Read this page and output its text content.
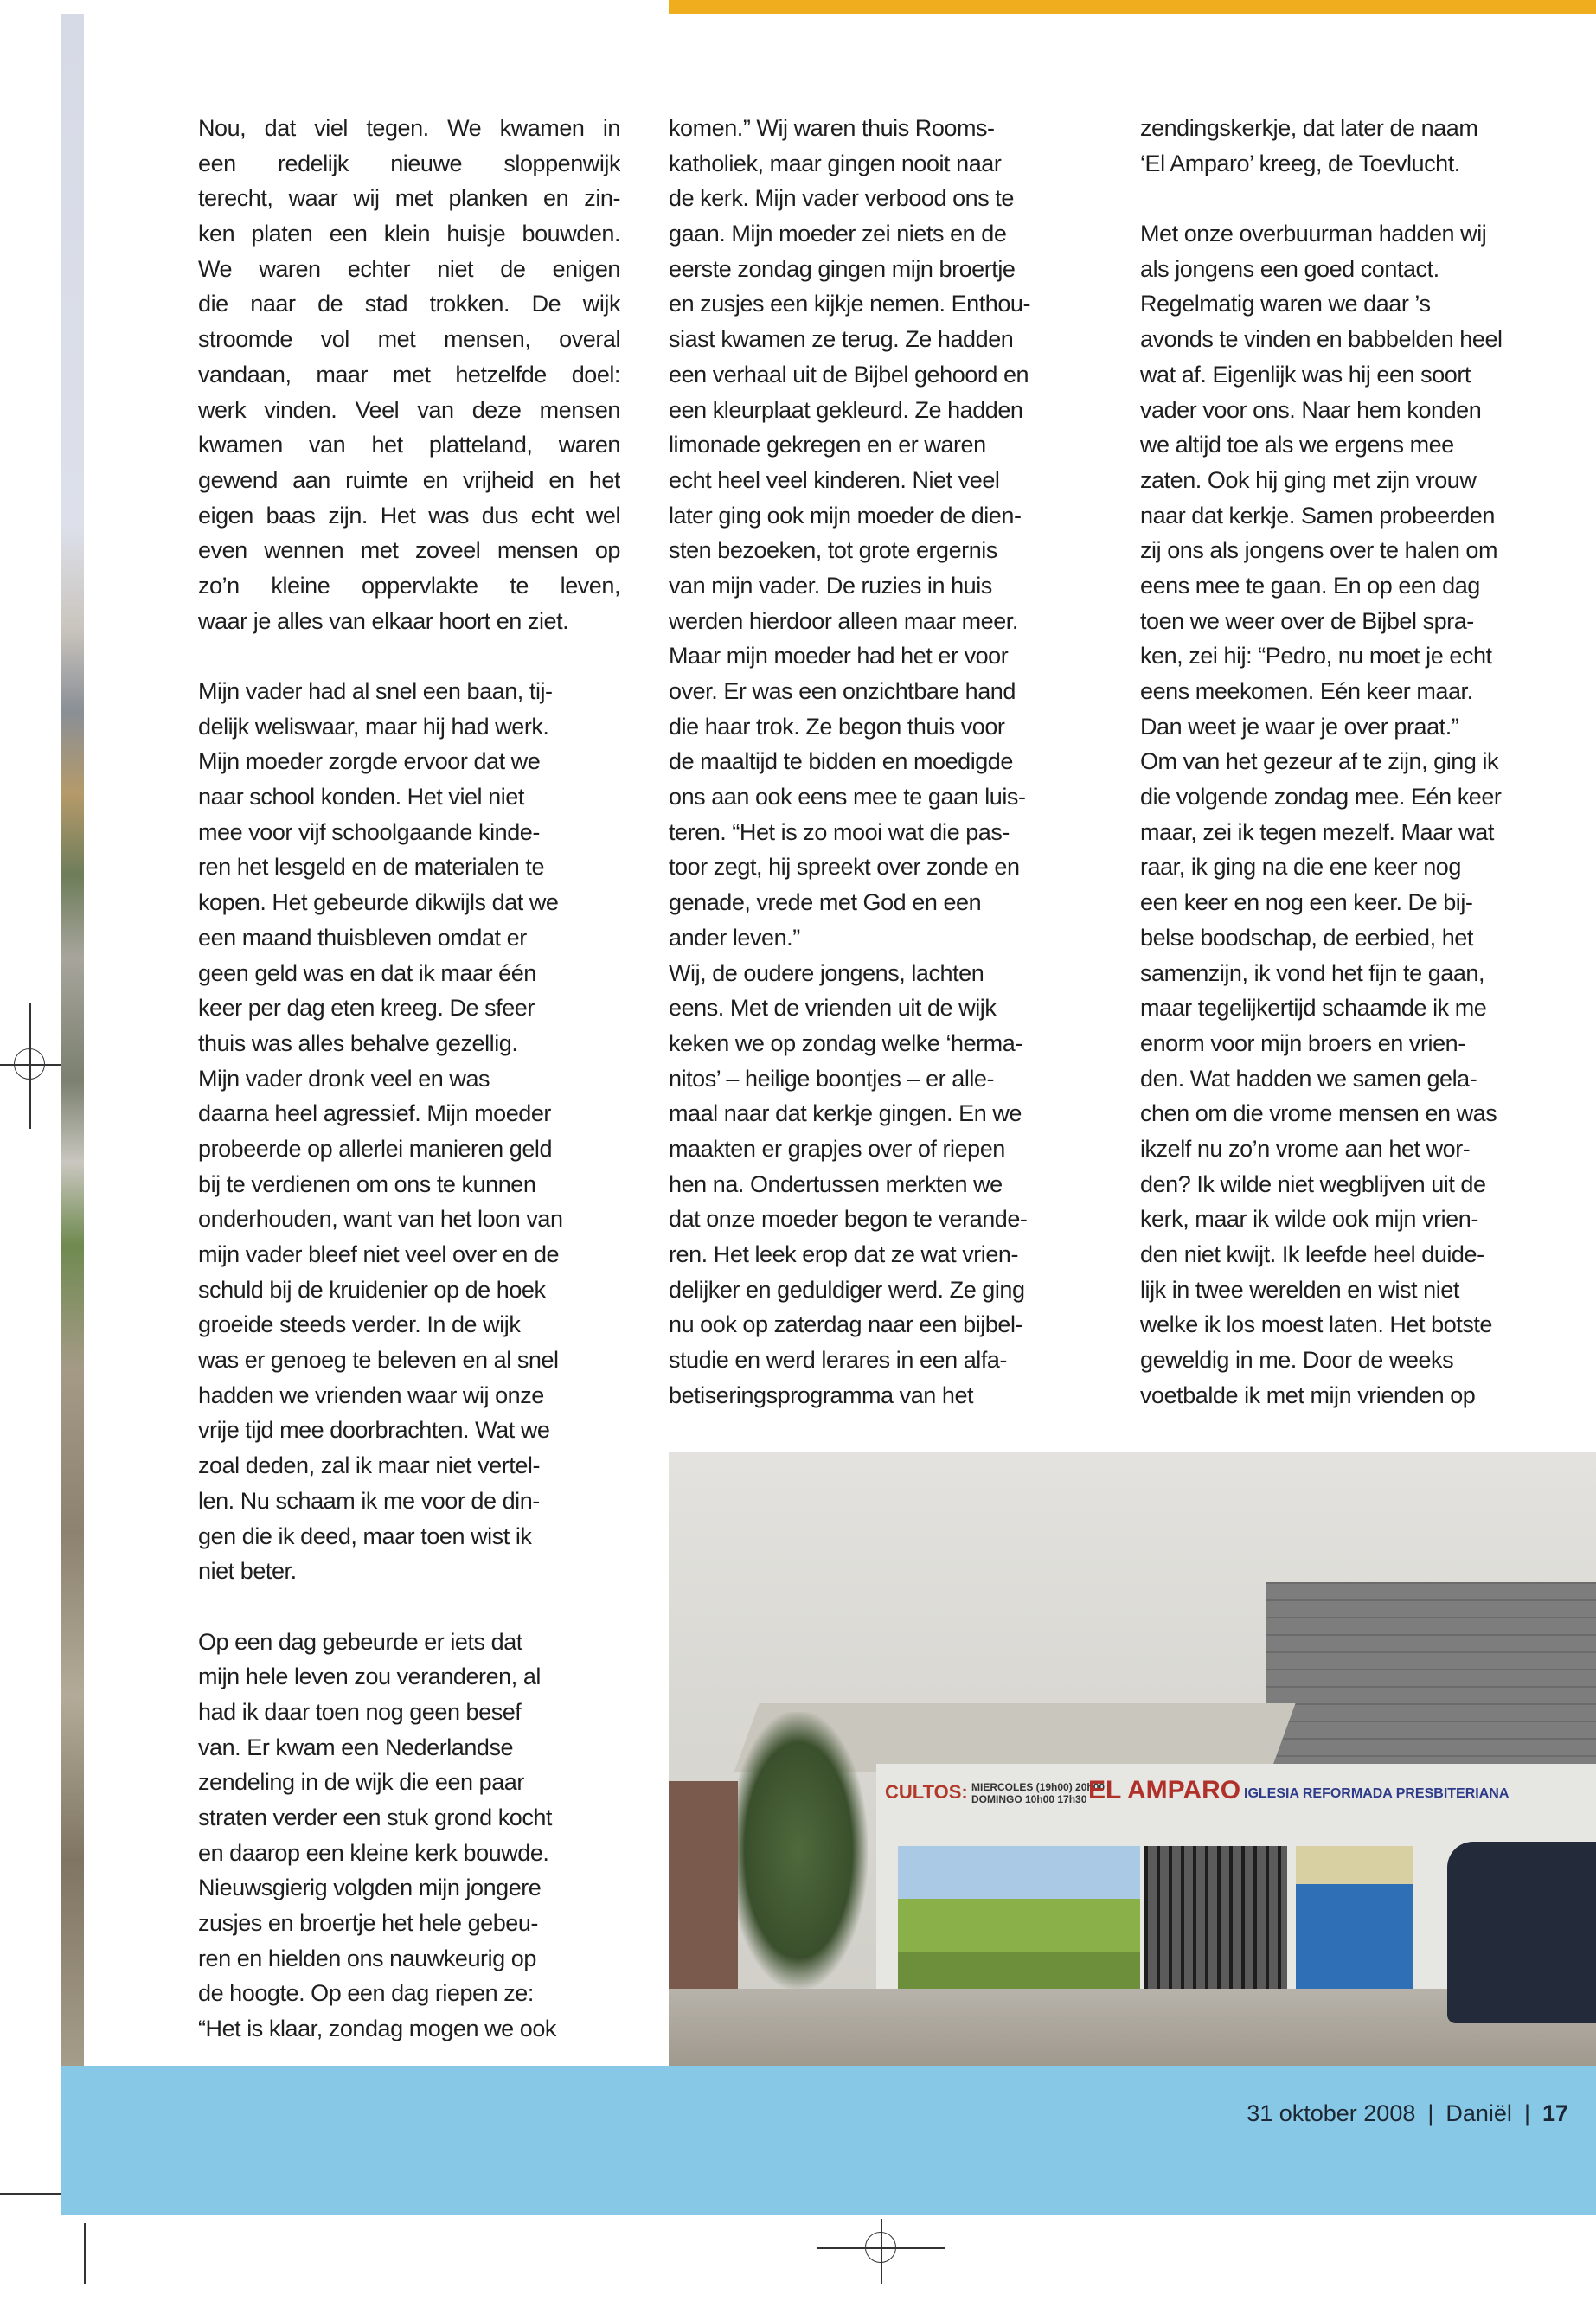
Nou, dat viel tegen. We kwamen in
een redelijk nieuwe sloppenwijk
terecht, waar wij met planken en zin-
ken platen een klein huisje bouwden.
We waren echter niet de enigen
die naar de stad trokken. De wijk
stroomde vol met mensen, overal
vandaan, maar met hetzelfde doel:
werk vinden. Veel van deze mensen
kwamen van het platteland, waren
gewend aan ruimte en vrijheid en het
eigen baas zijn. Het was dus echt wel
even wennen met zoveel mensen op
zo’n kleine oppervlakte te leven,
waar je alles van elkaar hoort en ziet.
Mijn vader had al snel een baan, tij-
delijk weliswaar, maar hij had werk.
Mijn moeder zorgde ervoor dat we
naar school konden. Het viel niet
mee voor vijf schoolgaande kinde-
ren het lesgeld en de materialen te
kopen. Het gebeurde dikwijls dat we
een maand thuisbleven omdat er
geen geld was en dat ik maar één
keer per dag eten kreeg. De sfeer
thuis was alles behalve gezellig.
Mijn vader dronk veel en was
daarna heel agressief. Mijn moeder
probeerde op allerlei manieren geld
bij te verdienen om ons te kunnen
onderhouden, want van het loon van
mijn vader bleef niet veel over en de
schuld bij de kruidenier op de hoek
groeide steeds verder. In de wijk
was er genoeg te beleven en al snel
hadden we vrienden waar wij onze
vrije tijd mee doorbrachten. Wat we
zoal deden, zal ik maar niet vertel-
len. Nu schaam ik me voor de din-
gen die ik deed, maar toen wist ik
niet beter.
Op een dag gebeurde er iets dat
mijn hele leven zou veranderen, al
had ik daar toen nog geen besef
van. Er kwam een Nederlandse
zendeling in de wijk die een paar
straten verder een stuk grond kocht
en daarop een kleine kerk bouwde.
Nieuwsgierig volgden mijn jongere
zusjes en broertje het hele gebeu-
ren en hielden ons nauwkeurig op
de hoogte. Op een dag riepen ze:
“Het is klaar, zondag mogen we ook
komen.” Wij waren thuis Rooms-
katholiek, maar gingen nooit naar
de kerk. Mijn vader verbood ons te
gaan. Mijn moeder zei niets en de
eerste zondag gingen mijn broertje
en zusjes een kijkje nemen. Enthou-
siast kwamen ze terug. Ze hadden
een verhaal uit de Bijbel gehoord en
een kleurplaat gekleurd. Ze hadden
limonade gekregen en er waren
echt heel veel kinderen. Niet veel
later ging ook mijn moeder de dien-
sten bezoeken, tot grote ergernis
van mijn vader. De ruzies in huis
werden hierdoor alleen maar meer.
Maar mijn moeder had het er voor
over. Er was een onzichtbare hand
die haar trok. Ze begon thuis voor
de maaltijd te bidden en moedigde
ons aan ook eens mee te gaan luis-
teren. “Het is zo mooi wat die pas-
toor zegt, hij spreekt over zonde en
genade, vrede met God en een
ander leven.”
Wij, de oudere jongens, lachten
eens. Met de vrienden uit de wijk
keken we op zondag welke ‘herma-
nitos’ – heilige boontjes – er alle-
maal naar dat kerkje gingen. En we
maakten er grapjes over of riepen
hen na. Ondertussen merkten we
dat onze moeder begon te verande-
ren. Het leek erop dat ze wat vrien-
delijker en geduldiger werd. Ze ging
nu ook op zaterdag naar een bijbel-
studie en werd lerares in een alfa-
betiseringsprogramma van het
zendingskerkje, dat later de naam
‘El Amparo’ kreeg, de Toevlucht.
Met onze overbuurman hadden wij
als jongens een goed contact.
Regelmatig waren we daar ’s
avonds te vinden en babbelden heel
wat af. Eigenlijk was hij een soort
vader voor ons. Naar hem konden
we altijd toe als we ergens mee
zaten. Ook hij ging met zijn vrouw
naar dat kerkje. Samen probeerden
zij ons als jongens over te halen om
eens mee te gaan. En op een dag
toen we weer over de Bijbel spra-
ken, zei hij: “Pedro, nu moet je echt
eens meekomen. Eén keer maar.
Dan weet je waar je over praat.”
Om van het gezeur af te zijn, ging ik
die volgende zondag mee. Eén keer
maar, zei ik tegen mezelf. Maar wat
raar, ik ging na die ene keer nog
een keer en nog een keer. De bij-
belse boodschap, de eerbied, het
samenzijn, ik vond het fijn te gaan,
maar tegelijkertijd schaamde ik me
enorm voor mijn broers en vrien-
den. Wat hadden we samen gela-
chen om die vrome mensen en was
ikzelf nu zo’n vrome aan het wor-
den? Ik wilde niet wegblijven uit de
kerk, maar ik wilde ook mijn vrien-
den niet kwijt. Ik leefde heel duide-
lijk in twee werelden en wist niet
welke ik los moest laten. Het botste
geweldig in me. Door de weeks
voetbalde ik met mijn vrienden op
CULTOS: MIERCOLES (19h00) 20h00
DOMINGO 10h00 17h30 EL AMPARO IGLESIA REFORMADA PRESBITERIANA
31 oktober 2008 | Daniël | 17
